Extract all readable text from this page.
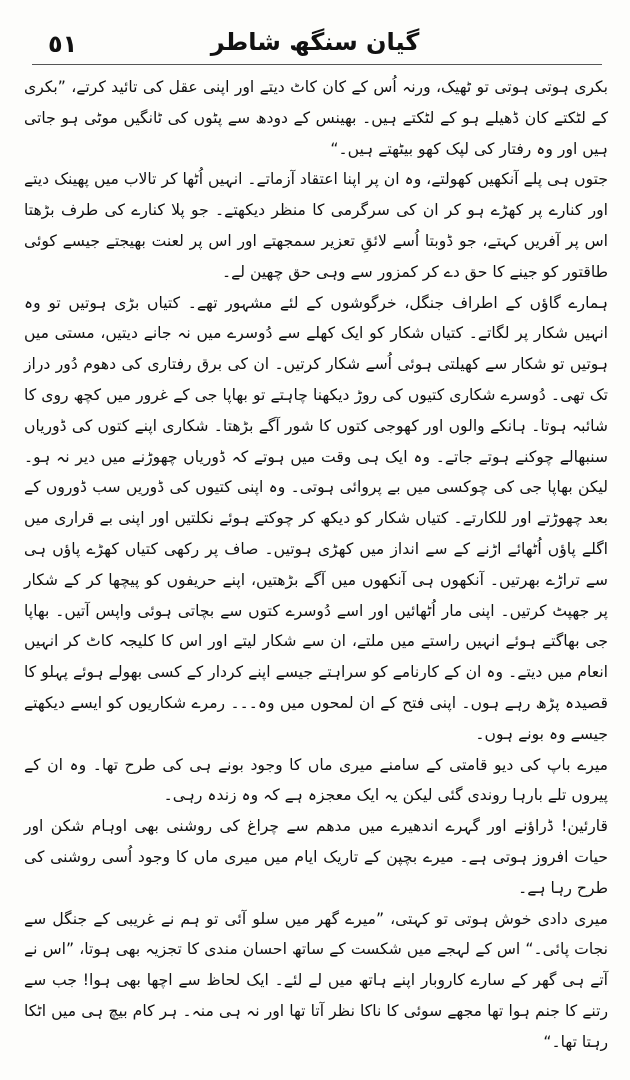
٥١	گیان سنگھ شاطر

بکری ہوتی ہوتی تو ٹھیک، ورنہ اُس کے کان کاٹ دیتے اور اپنی عقل کی تائید کرتے، ”بکری کے لٹکتے کان ڈھیلے ہو کے لٹکتے ہیں۔ بھینس کے دودھ سے پٹوں کی ٹانگیں موٹی ہو جاتی ہیں اور وہ رفتار کی لپک کھو بیٹھتے ہیں۔“

جتوں ہی پلے آنکھیں کھولتے، وہ ان پر اپنا اعتقاد آزماتے۔ انہیں اُٹھا کر تالاب میں پھینک دیتے اور کنارے پر کھڑے ہو کر ان کی سرگرمی کا منظر دیکھتے۔ جو پلا کنارے کی طرف بڑھتا اس پر آفریں کہتے، جو ڈوبتا اُسے لائقِ تعزیر سمجھتے اور اس پر لعنت بھیجتے جیسے کوئی طاقتور کو جینے کا حق دے کر کمزور سے وہی حق چھین لے۔

ہمارے گاؤں کے اطراف جنگل، خرگوشوں کے لئے مشہور تھے۔ کتیاں بڑی ہوتیں تو وہ انہیں شکار پر لگاتے۔ کتیاں شکار کو ایک کھلے سے دُوسرے میں نہ جانے دیتیں، مستی میں ہوتیں تو شکار سے کھیلتی ہوئی اُسے شکار کرتیں۔ ان کی برق رفتاری کی دھوم دُور دراز تک تھی۔ دُوسرے شکاری کتیوں کی روڑ دیکھنا چاہتے تو بھاپا جی کے غرور میں کچھ روی کا شائبہ ہوتا۔ ہانکے والوں اور کھوجی کتوں کا شور آگے بڑھتا۔ شکاری اپنے کتوں کی ڈوریاں سنبھالے چوکنے ہوتے جاتے۔ وہ ایک ہی وقت میں ہوتے کہ ڈوریاں چھوڑنے میں دیر نہ ہو۔ لیکن بھاپا جی کی چوکسی میں بے پروائی ہوتی۔ وہ اپنی کتیوں کی ڈوریں سب ڈوروں کے بعد چھوڑتے اور للکارتے۔ کتیاں شکار کو دیکھ کر چوکتے ہوئے نکلتیں اور اپنی بے قراری میں اگلے پاؤں اُٹھائے اڑنے کے سے انداز میں کھڑی ہوتیں۔ صاف پر رکھی کتیاں کھڑے پاؤں ہی سے تراڑے بھرتیں۔ آنکھوں ہی آنکھوں میں آگے بڑھتیں، اپنے حریفوں کو پیچھا کر کے شکار پر جھپٹ کرتیں۔ اپنی مار اُٹھائیں اور اسے دُوسرے کتوں سے بچاتی ہوئی واپس آتیں۔ بھاپا جی بھاگتے ہوئے انہیں راستے میں ملتے، ان سے شکار لیتے اور اس کا کلیجہ کاٹ کر انہیں انعام میں دیتے۔ وہ ان کے کارنامے کو سراہتے جیسے اپنے کردار کے کسی بھولے ہوئے پہلو کا قصیدہ پڑھ رہے ہوں۔ اپنی فتح کے ان لمحوں میں وہ۔۔۔ رمرے شکاریوں کو ایسے دیکھتے جیسے وہ بونے ہوں۔

میرے باپ کی دیو قامتی کے سامنے میری ماں کا وجود بونے ہی کی طرح تھا۔ وہ ان کے پیروں تلے بارہا روندی گئی لیکن یہ ایک معجزہ ہے کہ وہ زندہ رہی۔

قارئین! ڈراؤنے اور گہرے اندھیرے میں مدھم سے چراغ کی روشنی بھی اوہام شکن اور حیات افروز ہوتی ہے۔ میرے بچپن کے تاریک ایام میں میری ماں کا وجود اُسی روشنی کی طرح رہا ہے۔

میری دادی خوش ہوتی تو کہتی، ”میرے گھر میں سلو آئی تو ہم نے غریبی کے جنگل سے نجات پائی۔“ اس کے لہجے میں شکست کے ساتھ احسان مندی کا تجزیہ بھی ہوتا، ”اس نے آتے ہی گھر کے سارے کاروبار اپنے ہاتھ میں لے لئے۔ ایک لحاظ سے اچھا بھی ہوا! جب سے رتنے کا جنم ہوا تھا مجھے سوئی کا ناکا نظر آتا تھا اور نہ ہی منہ۔ ہر کام بیچ ہی میں اٹکا رہتا تھا۔“
